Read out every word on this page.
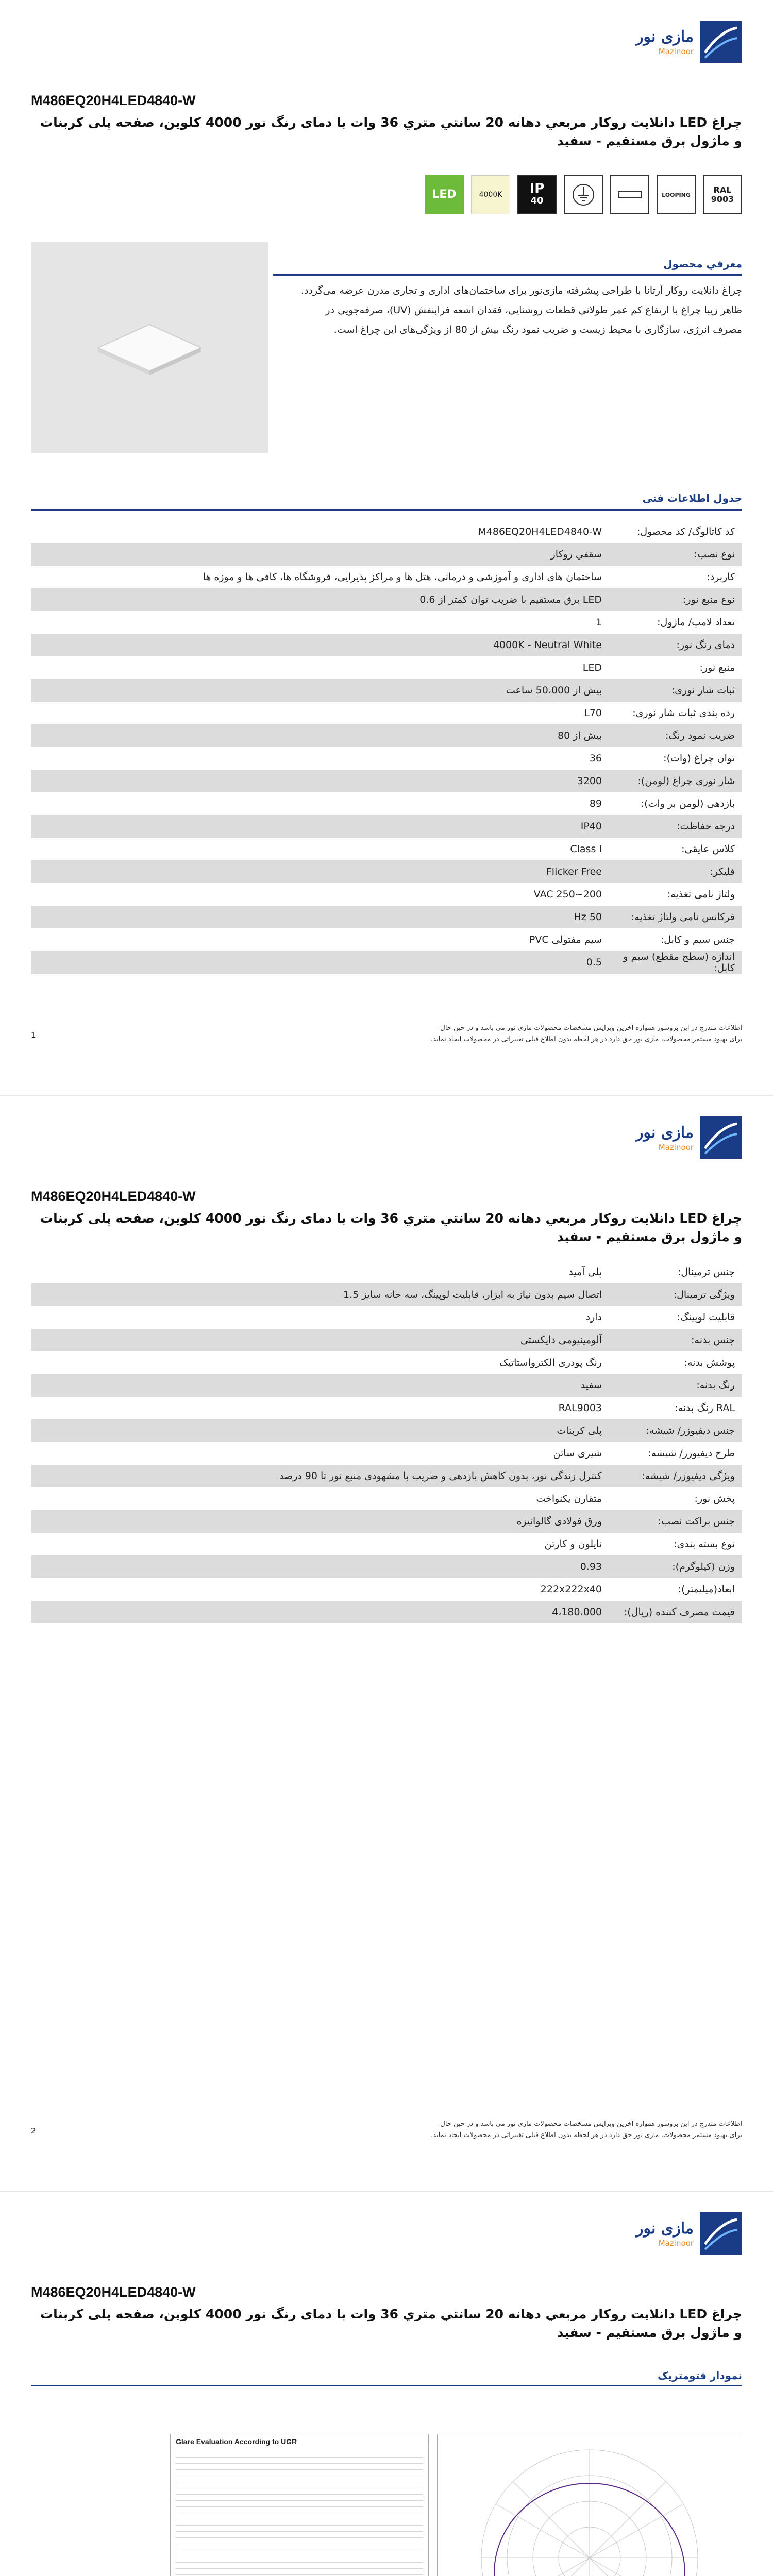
مازی نور
Mazinoor
M486EQ20H4LED4840-W
چراغ LED دانلایت روکار مربعي دهانه 20 سانتي متري 36 وات با دمای رنگ نور 4000 کلوين، صفحه پلی کربنات و ماژول برق مستقيم - سفيد
RAL
9003
LOOPING
IP
40
4000K
LED
معرفي محصول
چراغ دانلایت روکار آرتانا با طراحی پیشرفته مازی‌نور برای ساختمان‌های اداری و تجاری مدرن عرضه می‌گردد. ظاهر زیبا چراغ با ارتفاع کم عمر طولانی قطعات روشنایی، فقدان اشعه فرابنفش (UV)، صرفه‌جویی در مصرف انرژی، سازگاری با محیط زیست و ضریب نمود رنگ بیش از 80 از ویژگی‌های این چراغ است.
جدول اطلاعات فنی
کد کاتالوگ/ کد محصول:	M486EQ20H4LED4840-W
نوع نصب:	سقفي روكار
كاربرد:	ساختمان های اداری و آموزشی و درمانی، هتل ها و مراکز پذیرایی، فروشگاه ها، کافی ها و موزه ها
نوع منبع نور:	LED برق مستقيم با ضريب توان کمتر از 0.6
تعداد لامپ/ ماژول:	1
دمای رنگ نور:	4000K - Neutral White
منبع نور:	LED
ثبات شار نوری:	بیش از 50،000 ساعت
رده بندی ثبات شار نوری:	L70
ضریب نمود رنگ:	بیش از 80
توان چراغ (وات):	36
شار نوری چراغ (لومن):	3200
بازدهی (لومن بر وات):	89
درجه حفاظت:	IP40
کلاس عایقی:	Class I
فلیکر:	Flicker Free
ولتاژ نامی تغذیه:	VAC 250~200
فرکانس نامی ولتاژ تغذیه:	Hz 50
جنس سیم و کابل:	سیم مفتولی PVC
اندازه (سطح مقطع) سیم و کابل:	0.5
اطلاعات مندرج در این بروشور همواره آخرین ویرایش مشخصات محصولات مازی نور می باشد و در حین حال
برای بهبود مستمر محصولات، مازی نور حق دارد در هر لحظه بدون اطلاع قبلی تغییراتی در محصولات ایجاد نماید.
1
مازی نور
Mazinoor
M486EQ20H4LED4840-W
چراغ LED دانلایت روکار مربعي دهانه 20 سانتي متري 36 وات با دمای رنگ نور 4000 کلوين، صفحه پلی کربنات و ماژول برق مستقيم - سفيد
جنس ترمينال:	پلی آميد
ويژگی ترمينال:	اتصال سيم بدون نياز به ابزار، قابليت لوپينگ، سه خانه سايز 1.5
قابليت لوپينگ:	دارد
جنس بدنه:	آلومينيومی دايکستی
پوشش بدنه:	رنگ پودری الکترواستاتيک
رنگ بدنه:	سفيد
RAL رنگ بدنه:	RAL9003
جنس ديفيوزر/ شيشه:	پلی کربنات
طرح ديفيوزر/ شيشه:	شيری ساتن
ويژگی ديفيوزر/ شيشه:	کنترل زندگی نور، بدون کاهش بازدهی و ضريب با مشهودی منبع نور تا 90 درصد
پخش نور:	متقارن يکنواخت
جنس براکت نصب:	ورق فولادی گالوانيزه
نوع بسته بندی:	نايلون و كارتن
وزن (کیلوگرم):	0.93
ابعاد(میلیمتر):	222x222x40
قیمت مصرف کننده (ریال):	4،180،000
اطلاعات مندرج در این بروشور همواره آخرین ویرایش مشخصات محصولات مازی نور می باشد و در حین حال
برای بهبود مستمر محصولات، مازی نور حق دارد در هر لحظه بدون اطلاع قبلی تغییراتی در محصولات ایجاد نماید.
2
مازی نور
Mazinoor
M486EQ20H4LED4840-W
چراغ LED دانلایت روکار مربعي دهانه 20 سانتي متري 36 وات با دمای رنگ نور 4000 کلوين، صفحه پلی کربنات و ماژول برق مستقيم - سفيد
نمودار فتومتریک
Glare Evaluation According to UGR
